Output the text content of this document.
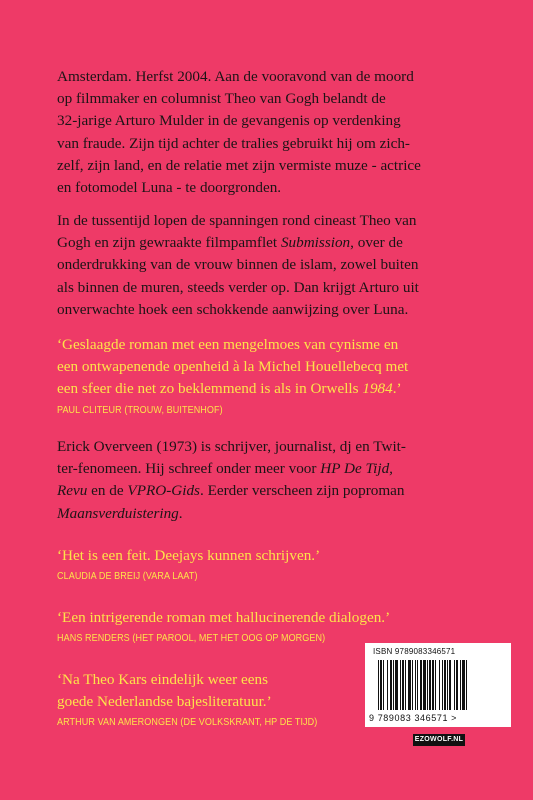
Amsterdam. Herfst 2004. Aan de vooravond van de moord
op filmmaker en columnist Theo van Gogh belandt de
32-jarige Arturo Mulder in de gevangenis op verdenking
van fraude. Zijn tijd achter de tralies gebruikt hij om zich-
zelf, zijn land, en de relatie met zijn vermiste muze - actrice
en fotomodel Luna - te doorgronden.
In de tussentijd lopen de spanningen rond cineast Theo van
Gogh en zijn gewraakte filmpamflet Submission, over de
onderdrukking van de vrouw binnen de islam, zowel buiten
als binnen de muren, steeds verder op. Dan krijgt Arturo uit
onverwachte hoek een schokkende aanwijzing over Luna.
‘Geslaagde roman met een mengelmoes van cynisme en
een ontwapenende openheid à la Michel Houellebecq met
een sfeer die net zo beklemmend is als in Orwells 1984.’
PAUL CLITEUR (TROUW, BUITENHOF)
Erick Overveen (1973) is schrijver, journalist, dj en Twit-
ter-fenomeen. Hij schreef onder meer voor HP De Tijd,
Revu en de VPRO-Gids. Eerder verscheen zijn poproman
Maansverduistering.
‘Het is een feit. Deejays kunnen schrijven.’
CLAUDIA DE BREIJ (VARA LAAT)
‘Een intrigerende roman met hallucinerende dialogen.’
HANS RENDERS (HET PAROOL, MET HET OOG OP MORGEN)
‘Na Theo Kars eindelijk weer eens
goede Nederlandse bajesliteratuur.’
ARTHUR VAN AMERONGEN (DE VOLKSKRANT, HP DE TIJD)
ISBN 9789083346571
9 789083 346571 >
EZOWOLF.NL
